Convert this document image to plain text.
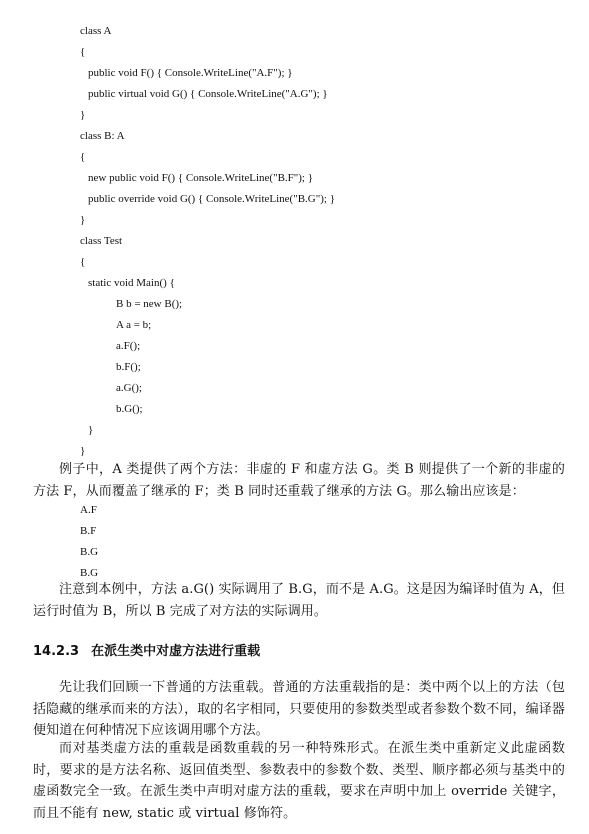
class A
{
public void F() { Console.WriteLine("A.F"); }
public virtual void G() { Console.WriteLine("A.G"); }
}
class B: A
{
new public void F() { Console.WriteLine("B.F"); }
public override void G() { Console.WriteLine("B.G"); }
}
class Test
{
static void Main() {
B b = new B();
A a = b;
a.F();
b.F();
a.G();
b.G();
}
}

例子中，A 类提供了两个方法：非虚的 F 和虚方法 G。类 B 则提供了一个新的非虚的方法 F，从而覆盖了继承的 F；类 B 同时还重载了继承的方法 G。那么输出应该是：

A.F
B.F
B.G
B.G

注意到本例中，方法 a.G() 实际调用了 B.G，而不是 A.G。这是因为编译时值为 A，但运行时值为 B，所以 B 完成了对方法的实际调用。

14.2.3 在派生类中对虚方法进行重载

先让我们回顾一下普通的方法重载。普通的方法重载指的是：类中两个以上的方法（包括隐藏的继承而来的方法），取的名字相同，只要使用的参数类型或者参数个数不同，编译器便知道在何种情况下应该调用哪个方法。

而对基类虚方法的重载是函数重载的另一种特殊形式。在派生类中重新定义此虚函数时，要求的是方法名称、返回值类型、参数表中的参数个数、类型、顺序都必须与基类中的虚函数完全一致。在派生类中声明对虚方法的重载，要求在声明中加上 override 关键字，而且不能有 new, static 或 virtual 修饰符。
